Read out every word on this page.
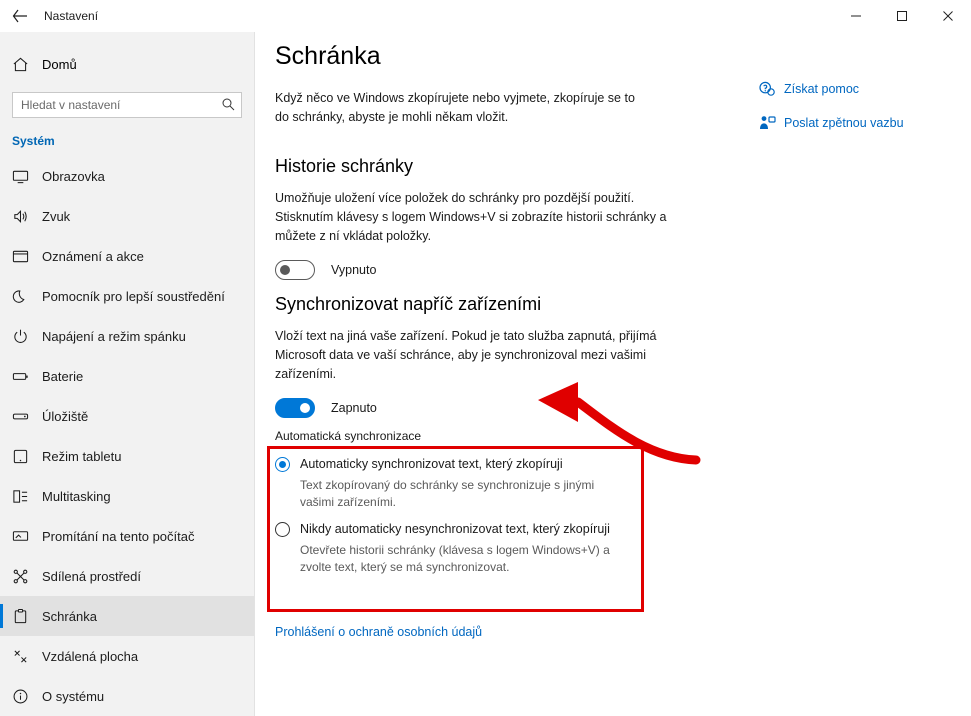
Nastavení
Domů
Hledat v nastavení
Systém
Obrazovka
Zvuk
Oznámení a akce
Pomocník pro lepší soustředění
Napájení a režim spánku
Baterie
Úložiště
Režim tabletu
Multitasking
Promítání na tento počítač
Sdílená prostředí
Schránka
Vzdálená plocha
O systému
Schránka
Když něco ve Windows zkopírujete nebo vyjmete, zkopíruje se to do schránky, abyste je mohli někam vložit.
Historie schránky
Umožňuje uložení více položek do schránky pro pozdější použití. Stisknutím klávesy s logem Windows+V si zobrazíte historii schránky a můžete z ní vkládat položky.
Vypnuto
Synchronizovat napříč zařízeními
Vloží text na jiná vaše zařízení. Pokud je tato služba zapnutá, přijímá Microsoft data ve vaší schránce, aby je synchronizoval mezi vašimi zařízeními.
Zapnuto
Automatická synchronizace
Automaticky synchronizovat text, který zkopíruji
Text zkopírovaný do schránky se synchronizuje s jinými vašimi zařízeními.
Nikdy automaticky nesynchronizovat text, který zkopíruji
Otevřete historii schránky (klávesa s logem Windows+V) a zvolte text, který se má synchronizovat.
Prohlášení o ochraně osobních údajů
Získat pomoc
Poslat zpětnou vazbu
